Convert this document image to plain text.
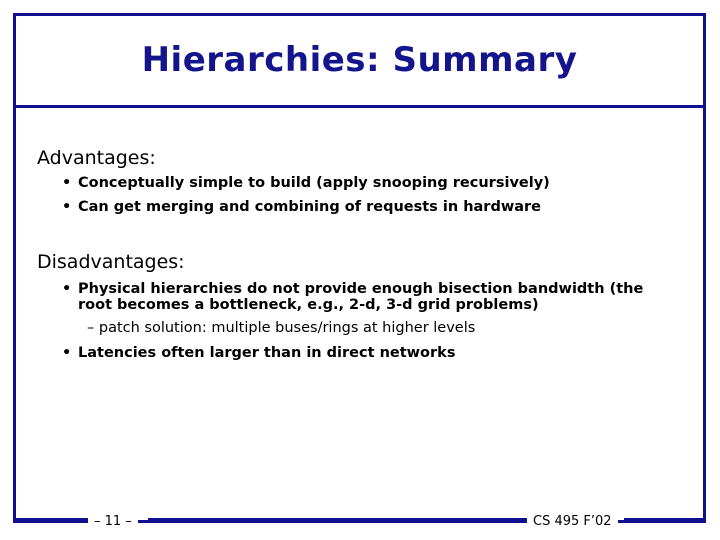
Hierarchies: Summary
Advantages:
• Conceptually simple to build (apply snooping recursively)
• Can get merging and combining of requests in hardware
Disadvantages:
• Physical hierarchies do not provide enough bisection bandwidth (the
root becomes a bottleneck, e.g., 2-d, 3-d grid problems)
– patch solution: multiple buses/rings at higher levels
• Latencies often larger than in direct networks
– 11 –	CS 495 F’02
